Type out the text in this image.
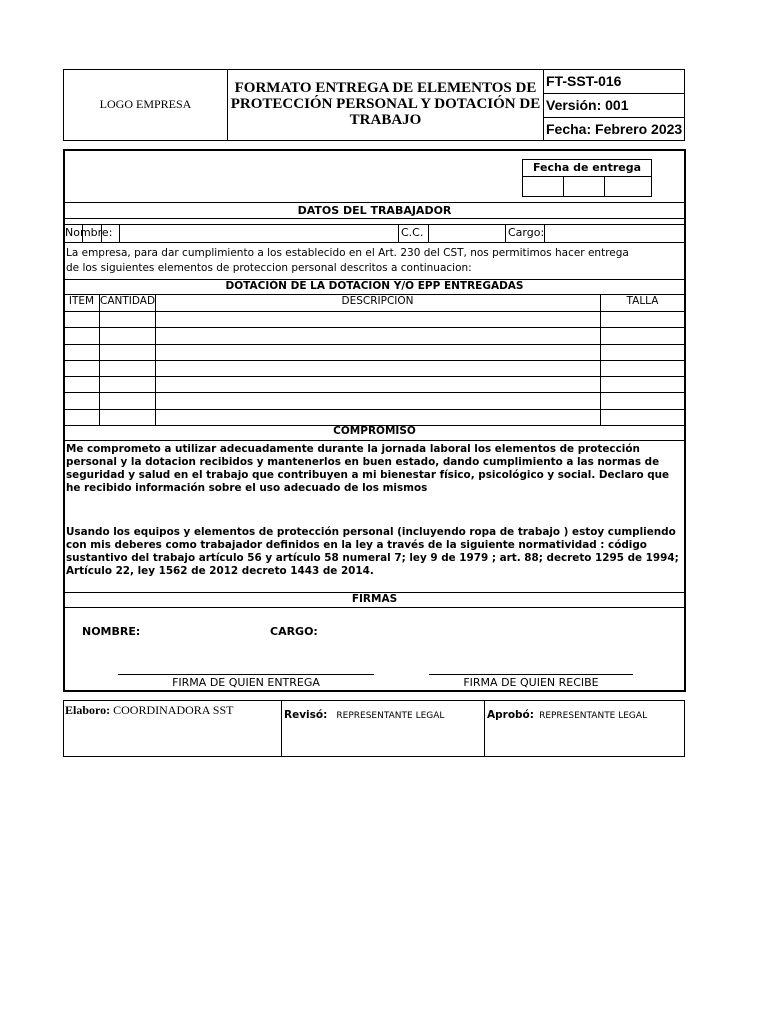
LOGO EMPRESA
FORMATO ENTREGA DE ELEMENTOS DE PROTECCIÓN PERSONAL Y DOTACIÓN DE TRABAJO
FT-SST-016
Versión: 001
Fecha: Febrero 2023
Fecha de entrega
DATOS DEL TRABAJADOR
Nombre:	C.C.	Cargo:
La empresa, para dar cumplimiento a los establecido en el Art. 230 del CST, nos permitimos hacer entrega
de los siguientes elementos de proteccion personal descritos a continuacion:
DOTACIÓN DE LA DOTACION Y/O EPP ENTREGADAS
ITEM CANTIDAD	DESCRIPCION	TALLA
COMPROMISO
Me comprometo a utilizar adecuadamente durante la jornada laboral los elementos de protección personal y la dotacion recibidos y mantenerlos en buen estado, dando cumplimiento a las normas de seguridad y salud en el trabajo que contribuyen a mi bienestar físico, psicológico y social. Declaro que he recibido información sobre el uso adecuado de los mismos
Usando los equipos y elementos de protección personal (incluyendo ropa de trabajo ) estoy cumpliendo con mis deberes como trabajador definidos en la ley a través de la siguiente normatividad : código sustantivo del trabajo artículo 56 y artículo 58 numeral 7; ley 9 de 1979 ; art. 88; decreto 1295 de 1994; Artículo 22, ley 1562 de 2012 decreto 1443 de 2014.
FIRMAS
NOMBRE:	CARGO:
FIRMA DE QUIEN ENTREGA	FIRMA DE QUIEN RECIBE
Elaboro: COORDINADORA SST	Revisó: REPRESENTANTE LEGAL	Aprobó: REPRESENTANTE LEGAL
